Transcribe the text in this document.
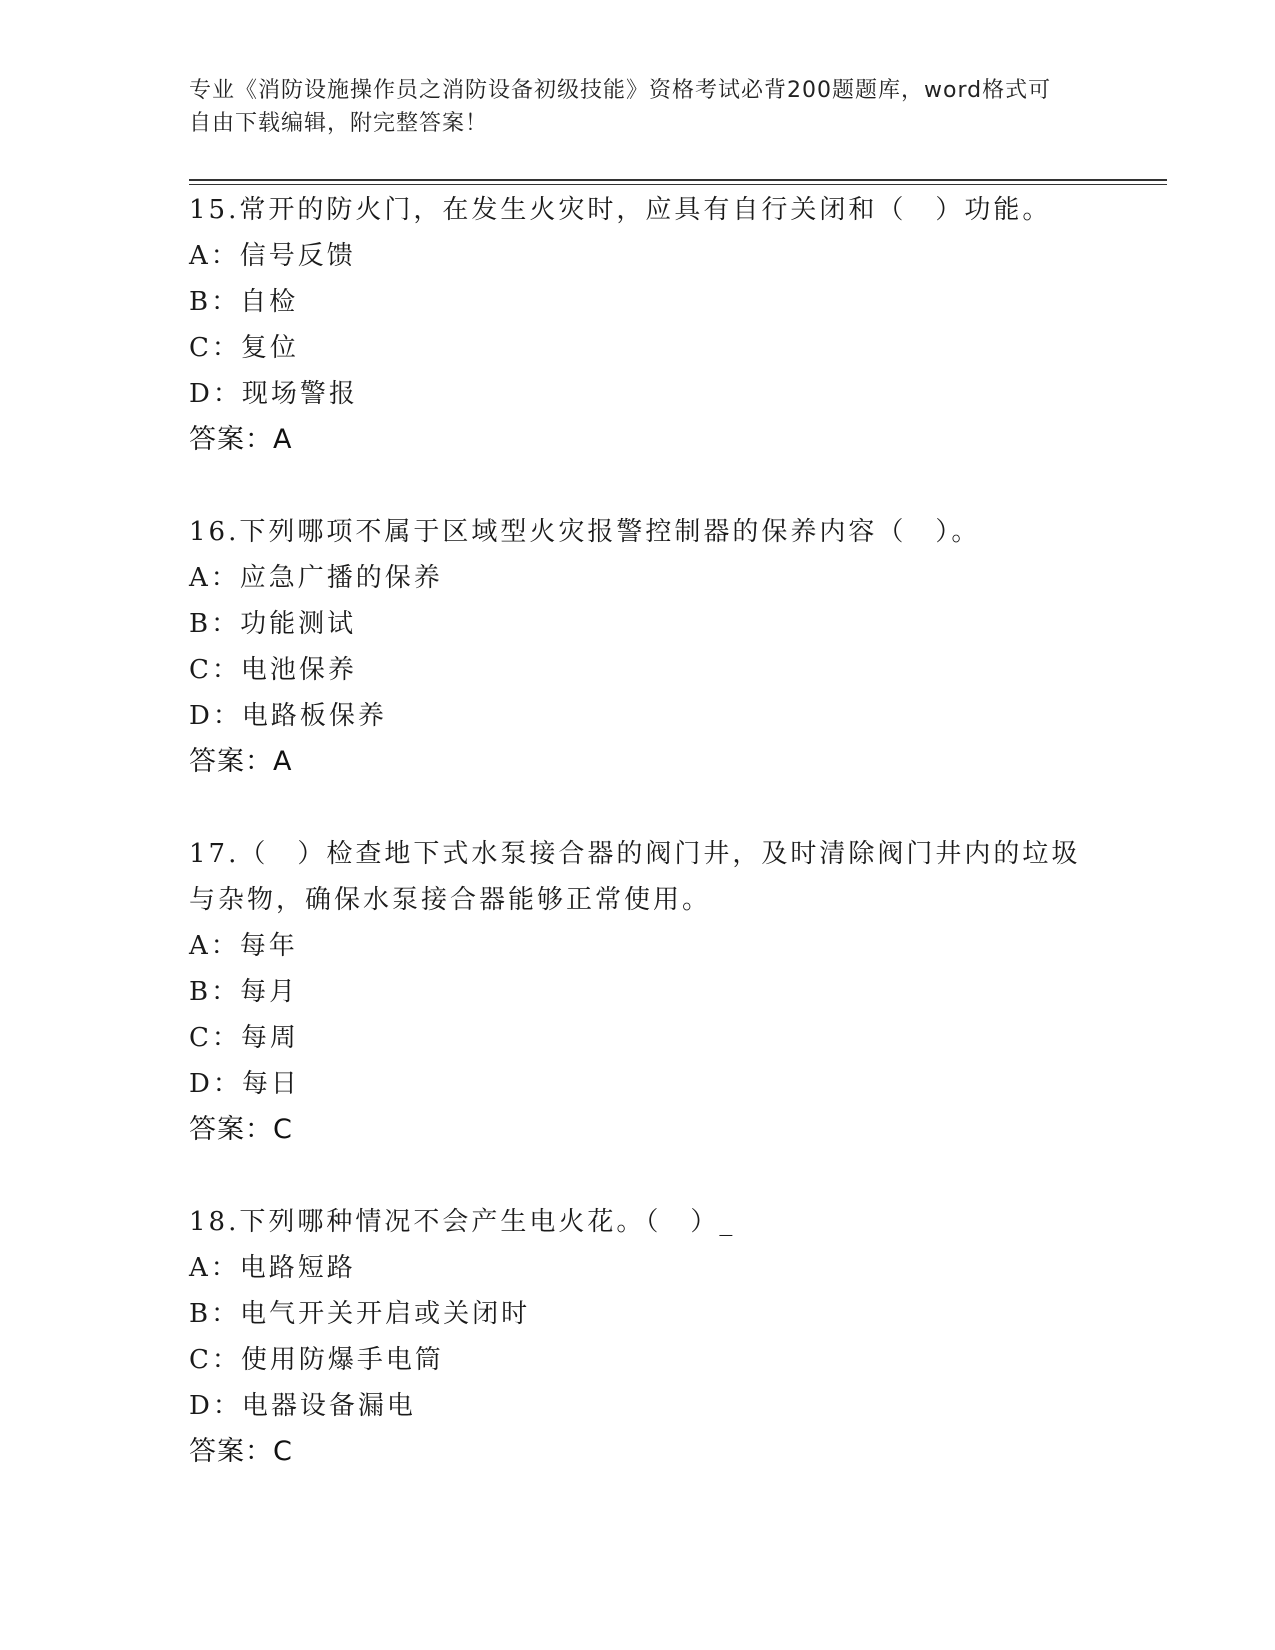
专业《消防设施操作员之消防设备初级技能》资格考试必背200题题库，word格式可自由下载编辑，附完整答案！
15.常开的防火门，在发生火灾时，应具有自行关闭和（　）功能。
A：信号反馈
B：自检
C：复位
D：现场警报
答案：A
16.下列哪项不属于区域型火灾报警控制器的保养内容（　）。
A：应急广播的保养
B：功能测试
C：电池保养
D：电路板保养
答案：A
17.（　）检查地下式水泵接合器的阀门井，及时清除阀门井内的垃圾与杂物，确保水泵接合器能够正常使用。
A：每年
B：每月
C：每周
D：每日
答案：C
18.下列哪种情况不会产生电火花。（　）_
A：电路短路
B：电气开关开启或关闭时
C：使用防爆手电筒
D：电器设备漏电
答案：C
